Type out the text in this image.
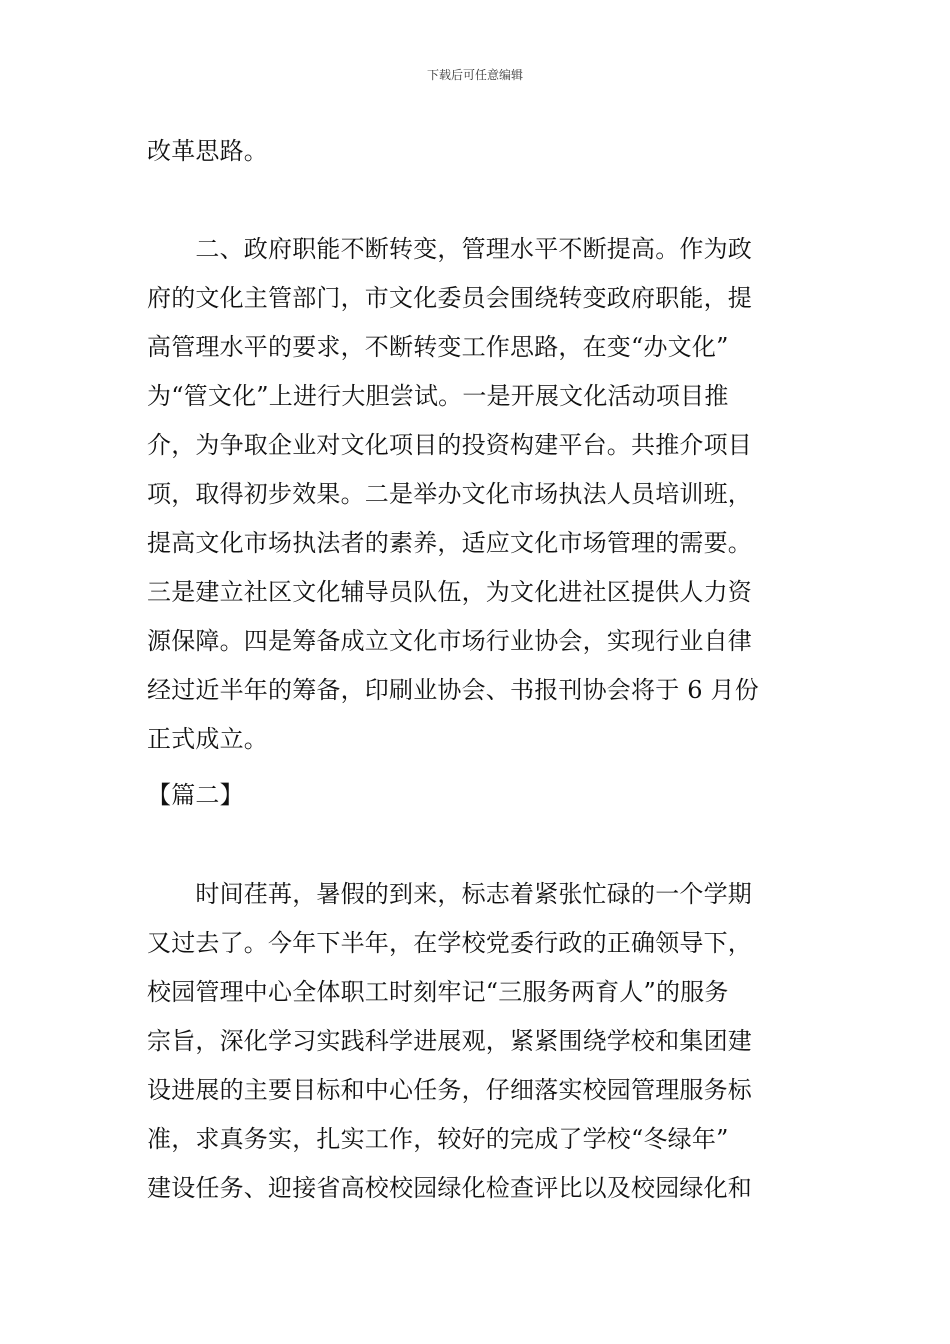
下载后可任意编辑
改革思路。
　　二、政府职能不断转变，管理水平不断提高。作为政
府的文化主管部门，市文化委员会围绕转变政府职能，提
高管理水平的要求，不断转变工作思路，在变“办文化”
为“管文化”上进行大胆尝试。一是开展文化活动项目推
介，为争取企业对文化项目的投资构建平台。共推介项目
项，取得初步效果。二是举办文化市场执法人员培训班，
提高文化市场执法者的素养，适应文化市场管理的需要。
三是建立社区文化辅导员队伍，为文化进社区提供人力资
源保障。四是筹备成立文化市场行业协会，实现行业自律
经过近半年的筹备，印刷业协会、书报刊协会将于 6 月份
正式成立。
【篇二】
　　时间荏苒，暑假的到来，标志着紧张忙碌的一个学期
又过去了。今年下半年，在学校党委行政的正确领导下，
校园管理中心全体职工时刻牢记“三服务两育人”的服务
宗旨，深化学习实践科学进展观，紧紧围绕学校和集团建
设进展的主要目标和中心任务，仔细落实校园管理服务标
准，求真务实，扎实工作，较好的完成了学校“冬绿年”
建设任务、迎接省高校校园绿化检查评比以及校园绿化和
